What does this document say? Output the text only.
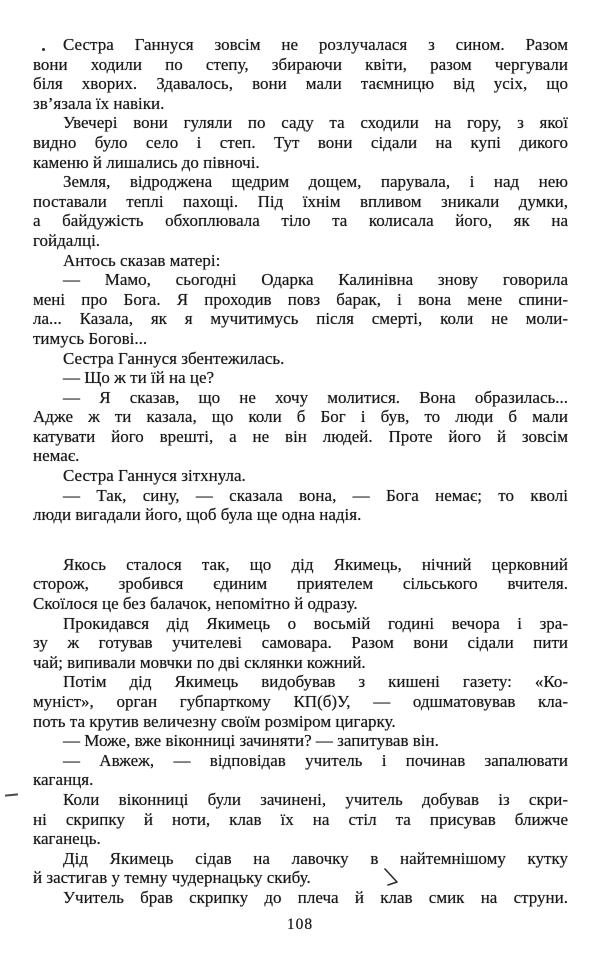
Сестра Ганнуся зовсім не розлучалася з сином. Разом
вони ходили по степу, збираючи квіти, разом чергували
біля хворих. Здавалось, вони мали таємницю від усіх, що
зв’язала їх навіки.
Увечері вони гуляли по саду та сходили на гору, з якої
видно було село і степ. Тут вони сідали на купі дикого
каменю й лишались до півночі.
Земля, відроджена щедрим дощем, парувала, і над нею
поставали теплі пахощі. Під їхнім впливом зникали думки,
а байдужість обхоплювала тіло та колисала його, як на
гойдалці.
Антось сказав матері:
— Мамо, сьогодні Одарка Калинівна знову говорила
мені про Бога. Я проходив повз барак, і вона мене спини-
ла... Казала, як я мучитимусь після смерті, коли не моли-
тимусь Богові...
Сестра Ганнуся збентежилась.
— Що ж ти їй на це?
— Я сказав, що не хочу молитися. Вона образилась...
Адже ж ти казала, що коли б Бог і був, то люди б мали
катувати його врешті, а не він людей. Проте його й зовсім
немає.
Сестра Ганнуся зітхнула.
— Так, сину, — сказала вона, — Бога немає; то кволі
люди вигадали його, щоб була ще одна надія.
Якось сталося так, що дід Якимець, нічний церковний
сторож, зробився єдиним приятелем сільського вчителя.
Скоїлося це без балачок, непомітно й одразу.
Прокидався дід Якимець о восьмій годині вечора і зра-
зу ж готував учителеві самовара. Разом вони сідали пити
чай; випивали мовчки по дві склянки кожний.
Потім дід Якимець видобував з кишені газету: «Ко-
муніст», орган губпарткому КП(б)У, — одшматовував кла-
поть та крутив величезну своїм розміром цигарку.
— Може, вже віконниці зачиняти? — запитував він.
— Авжеж, — відповідав учитель і починав запалювати
каганця.
Коли віконниці були зачинені, учитель добував із скри-
ні скрипку й ноти, клав їх на стіл та присував ближче
каганець.
Дід Якимець сідав на лавочку в найтемнішому кутку
й застигав у темну чудернацьку скибу.
Учитель брав скрипку до плеча й клав смик на струни.
108
